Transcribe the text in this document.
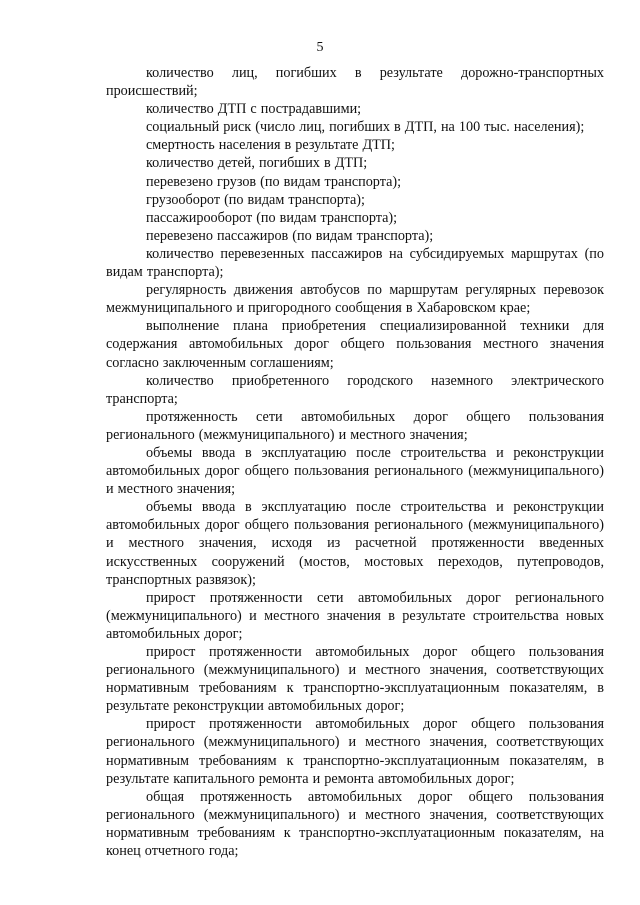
5

количество лиц, погибших в результате дорожно-транспортных происшествий;

количество ДТП с пострадавшими;

социальный риск (число лиц, погибших в ДТП, на 100 тыс. населения);

смертность населения в результате ДТП;

количество детей, погибших в ДТП;

перевезено грузов (по видам транспорта);

грузооборот (по видам транспорта);

пассажирооборот (по видам транспорта);

перевезено пассажиров (по видам транспорта);

количество перевезенных пассажиров на субсидируемых маршрутах (по видам транспорта);

регулярность движения автобусов по маршрутам регулярных перевозок межмуниципального и пригородного сообщения в Хабаровском крае;

выполнение плана приобретения специализированной техники для содержания автомобильных дорог общего пользования местного значения согласно заключенным соглашениям;

количество приобретенного городского наземного электрического транспорта;

протяженность сети автомобильных дорог общего пользования регионального (межмуниципального) и местного значения;

объемы ввода в эксплуатацию после строительства и реконструкции автомобильных дорог общего пользования регионального (межмуниципального) и местного значения;

объемы ввода в эксплуатацию после строительства и реконструкции автомобильных дорог общего пользования регионального (межмуниципального) и местного значения, исходя из расчетной протяженности введенных искусственных сооружений (мостов, мостовых переходов, путепроводов, транспортных развязок);

прирост протяженности сети автомобильных дорог регионального (межмуниципального) и местного значения в результате строительства новых автомобильных дорог;

прирост протяженности автомобильных дорог общего пользования регионального (межмуниципального) и местного значения, соответствующих нормативным требованиям к транспортно-эксплуатационным показателям, в результате реконструкции автомобильных дорог;

прирост протяженности автомобильных дорог общего пользования регионального (межмуниципального) и местного значения, соответствующих нормативным требованиям к транспортно-эксплуатационным показателям, в результате капитального ремонта и ремонта автомобильных дорог;

общая протяженность автомобильных дорог общего пользования регионального (межмуниципального) и местного значения, соответствующих нормативным требованиям к транспортно-эксплуатационным показателям, на конец отчетного года;
